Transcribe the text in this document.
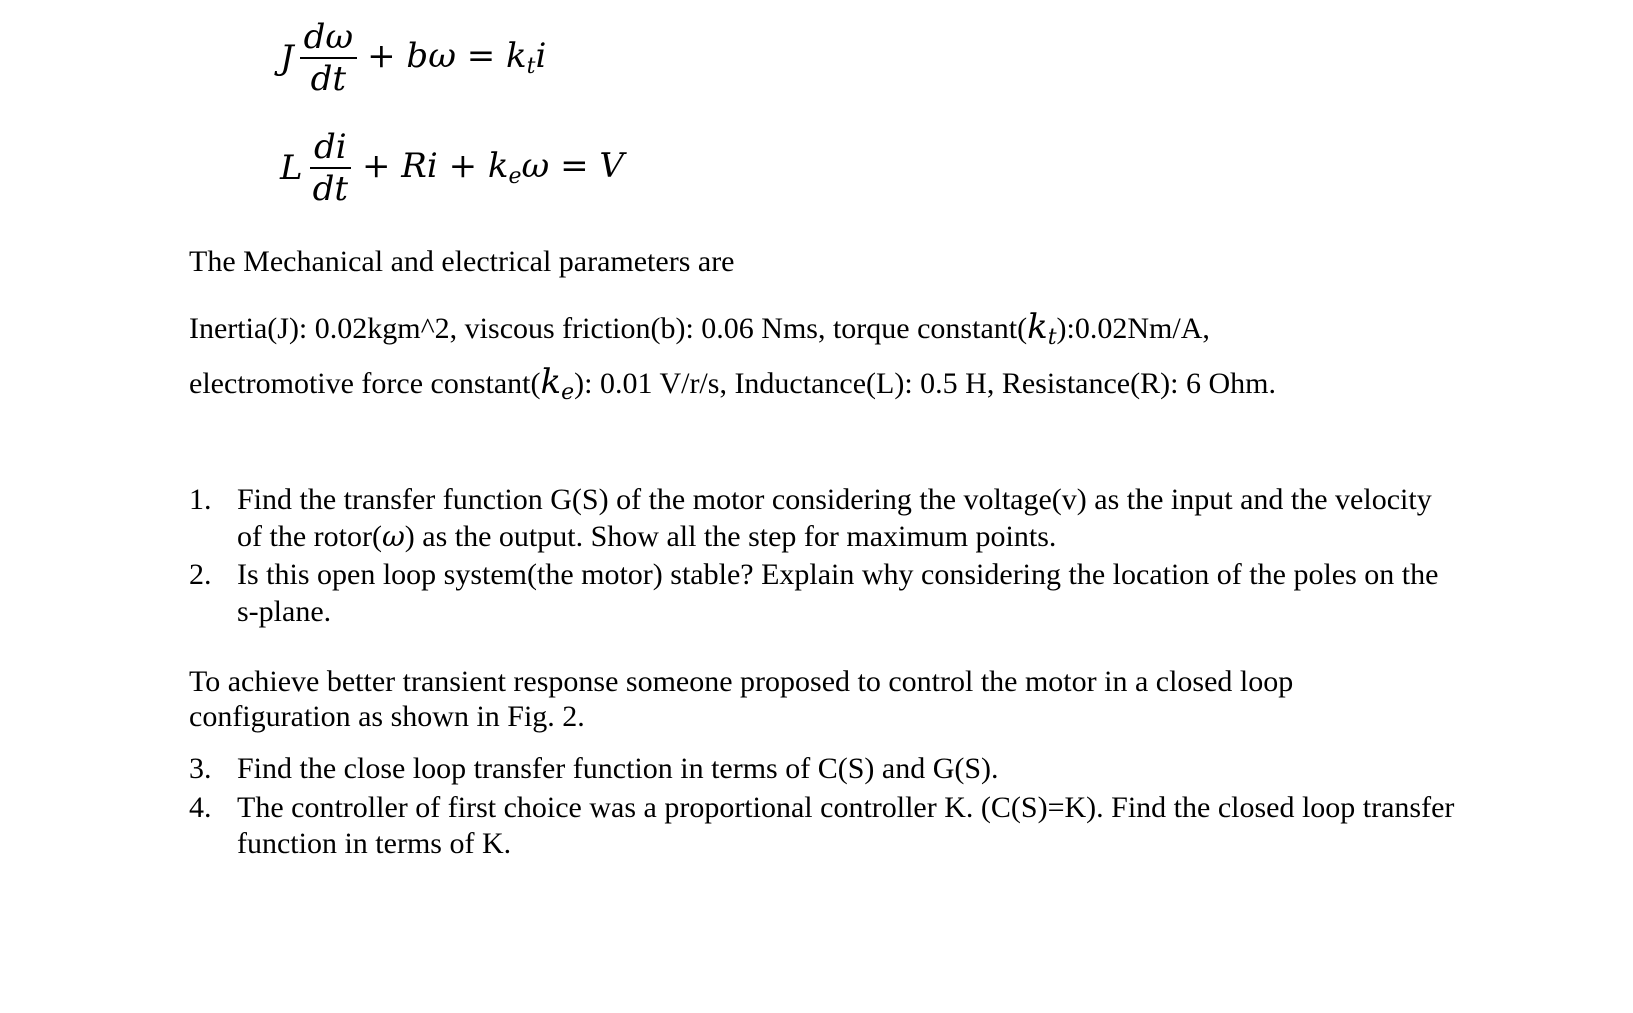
J $\frac{d\omega}{dt} + b\omega = k_ti$
L $\frac{di}{dt} + Ri + k_e\omega = V$
The Mechanical and electrical parameters are
Inertia(J): 0.02kgm^2, viscous friction(b): 0.06 Nms, torque $constant(k_t):0.02Nm/A$,
electromotive force $constant(k_e)$: 0.01 V/r/s, Inductance(L): 0.5 H, Resistance(R): 6 Ohm.
1. Find the transfer function G(S) of the motor considering the voltage(v) as the input and the velocity of the rotor(ω) as the output. Show all the step for maximum points.
2. Is this open loop system(the motor) stable? Explain why considering the location of the poles on the s-plane.
To achieve better transient response someone proposed to control the motor in a closed loop configuration as shown in Fig. 2.
3. Find the close loop transfer function in terms of C(S) and G(S).
4. The controller of first choice was a proportional controller K. (C(S)=K). Find the closed loop transfer function in terms of K.
